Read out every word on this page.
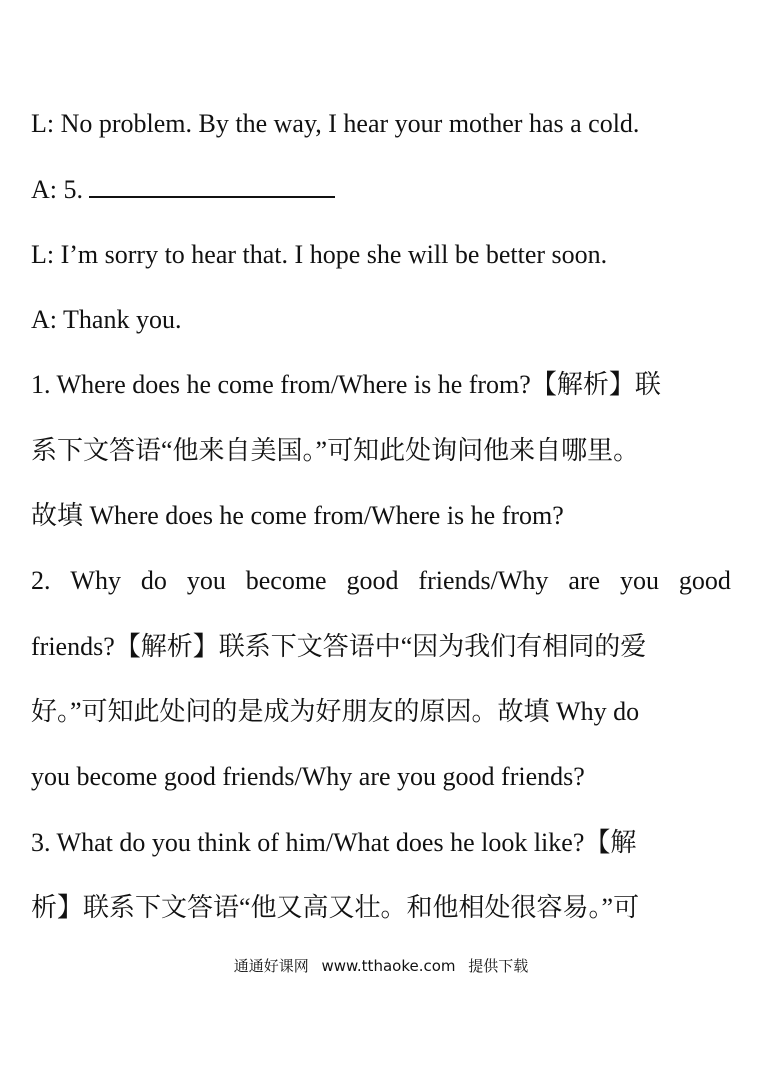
L: No problem. By the way, I hear your mother has a cold.
A: 5.
L: I’m sorry to hear that. I hope she will be better soon.
A: Thank you.
1. Where does he come from/Where is he from?【解析】联
系下文答语“他来自美国。”可知此处询问他来自哪里。
故填 Where does he come from/Where is he from?
2. Why do you become good friends/Why are you good
friends?【解析】联系下文答语中“因为我们有相同的爱
好。”可知此处问的是成为好朋友的原因。故填 Why do
you become good friends/Why are you good friends?
3. What do you think of him/What does he look like?【解
析】联系下文答语“他又高又壮。和他相处很容易。”可
通通好课网 www.tthaoke.com 提供下载
